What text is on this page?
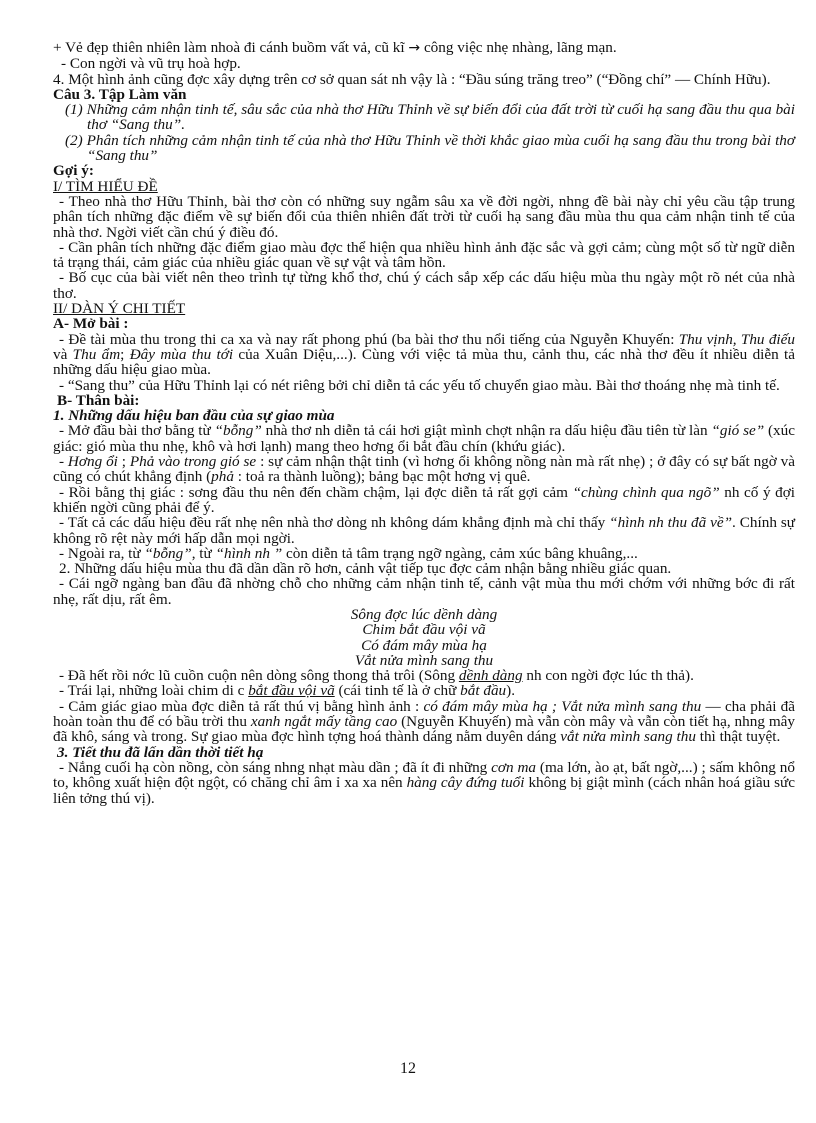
+ Vẻ đẹp thiên nhiên làm nhoà đi cánh buồm vất vả, cũ kĩ → công việc nhẹ nhàng, lãng mạn.

- Con ngời và vũ trụ hoà hợp.

4. Một hình ảnh cũng đợc xây dựng trên cơ sở quan sát nh vậy là : “Đầu súng trăng treo” (“Đồng chí” — Chính Hữu).

Câu 3. Tập Làm văn

(1) Những cảm nhận tinh tế, sâu sắc của nhà thơ Hữu Thỉnh về sự biến đổi của đất trời từ cuối hạ sang đầu thu qua bài thơ “Sang thu”.

(2) Phân tích những cảm nhận tinh tế của nhà thơ Hữu Thỉnh về thời khắc giao mùa cuối hạ sang đầu thu trong bài thơ “Sang thu”

Gợi ý:

I/ TÌM HIỂU ĐỀ

- Theo nhà thơ Hữu Thỉnh, bài thơ còn có những suy ngẫm sâu xa về đời ngời, nhng đề bài này chỉ yêu cầu tập trung phân tích những đặc điểm về sự biến đổi của thiên nhiên đất trời từ cuối hạ sang đầu mùa thu qua cảm nhận tinh tế của nhà thơ. Ngời viết cần chú ý điều đó.

- Cần phân tích những đặc điểm giao màu đợc thể hiện qua nhiều hình ảnh đặc sắc và gợi cảm; cùng một số từ ngữ diễn tả trạng thái, cảm giác của nhiều giác quan về sự vật và tâm hồn.

- Bố cục của bài viết nên theo trình tự từng khổ thơ, chú ý cách sắp xếp các dấu hiệu mùa thu ngày một rõ nét của nhà thơ.

II/ DÀN Ý CHI TIẾT

A- Mở bài :

- Đề tài mùa thu trong thi ca xa và nay rất phong phú (ba bài thơ thu nổi tiếng của Nguyễn Khuyến: Thu vịnh, Thu điếu và Thu ẩm; Đây mùa thu tới của Xuân Diệu,...). Cùng với việc tả mùa thu, cảnh thu, các nhà thơ đều ít nhiều diễn tả những dấu hiệu giao mùa.

- “Sang thu” của Hữu Thỉnh lại có nét riêng bởi chỉ diễn tả các yếu tố chuyển giao màu. Bài thơ thoáng nhẹ mà tinh tế.

B- Thân bài:

1. Những dấu hiệu ban đầu của sự giao mùa

- Mở đầu bài thơ bằng từ “bỗng” nhà thơ nh diễn tả cái hơi giật mình chợt nhận ra dấu hiệu đầu tiên từ làn “gió se” (xúc giác: gió mùa thu nhẹ, khô và hơi lạnh) mang theo hơng ổi bắt đầu chín (khứu giác).

- Hơng ổi ; Phả vào trong gió se : sự cảm nhận thật tinh (vì hơng ổi không nồng nàn mà rất nhẹ) ; ở đây có sự bất ngờ và cũng có chút khẳng định (phả : toả ra thành luồng); bảng bạc một hơng vị quê.

- Rồi bằng thị giác : sơng đầu thu nên đến chầm chậm, lại đợc diễn tả rất gợi cảm “chùng chình qua ngõ” nh cố ý đợi khiến ngời cũng phải để ý.

- Tất cả các dấu hiệu đều rất nhẹ nên nhà thơ dòng nh không dám khẳng định mà chỉ thấy “hình nh thu đã về”. Chính sự không rõ rệt này mới hấp dẫn mọi ngời.

- Ngoài ra, từ “bỗng”, từ “hình nh ” còn diễn tả tâm trạng ngỡ ngàng, cảm xúc bâng khuâng,...

2. Những dấu hiệu mùa thu đã dần dần rõ hơn, cảnh vật tiếp tục đợc cảm nhận bằng nhiều giác quan.

- Cái ngỡ ngàng ban đầu đã nhờng chỗ cho những cảm nhận tinh tế, cảnh vật mùa thu mới chớm với những bớc đi rất nhẹ, rất dịu, rất êm.

Sông đợc lúc dềnh dàng

Chim bắt đầu vội vã

Có đám mây mùa hạ

Vắt nửa mình sang thu

- Đã hết rồi nớc lũ cuồn cuộn nên dòng sông thong thả trôi (Sông dềnh dàng nh con ngời đợc lúc th thả).

- Trái lại, những loài chim di c bắt đầu vội vã (cái tinh tế là ở chữ bắt đầu).

- Cảm giác giao mùa đợc diễn tả rất thú vị bằng hình ảnh : có đám mây mùa hạ ; Vắt nửa mình sang thu — cha phải đã hoàn toàn thu để có bầu trời thu xanh ngắt mấy tầng cao (Nguyễn Khuyến) mà vẫn còn mây và vẫn còn tiết hạ, nhng mây đã khô, sáng và trong. Sự giao mùa đợc hình tợng hoá thành dáng nằm duyên dáng vắt nửa mình sang thu thì thật tuyệt.

3. Tiết thu đã lấn dần thời tiết hạ

- Nắng cuối hạ còn nồng, còn sáng nhng nhạt màu dần ; đã ít đi những cơn ma (ma lớn, ào ạt, bất ngờ,...) ; sấm không nổ to, không xuất hiện đột ngột, có chăng chỉ âm ỉ xa xa nên hàng cây đứng tuổi không bị giật mình (cách nhân hoá giầu sức liên tởng thú vị).

12
